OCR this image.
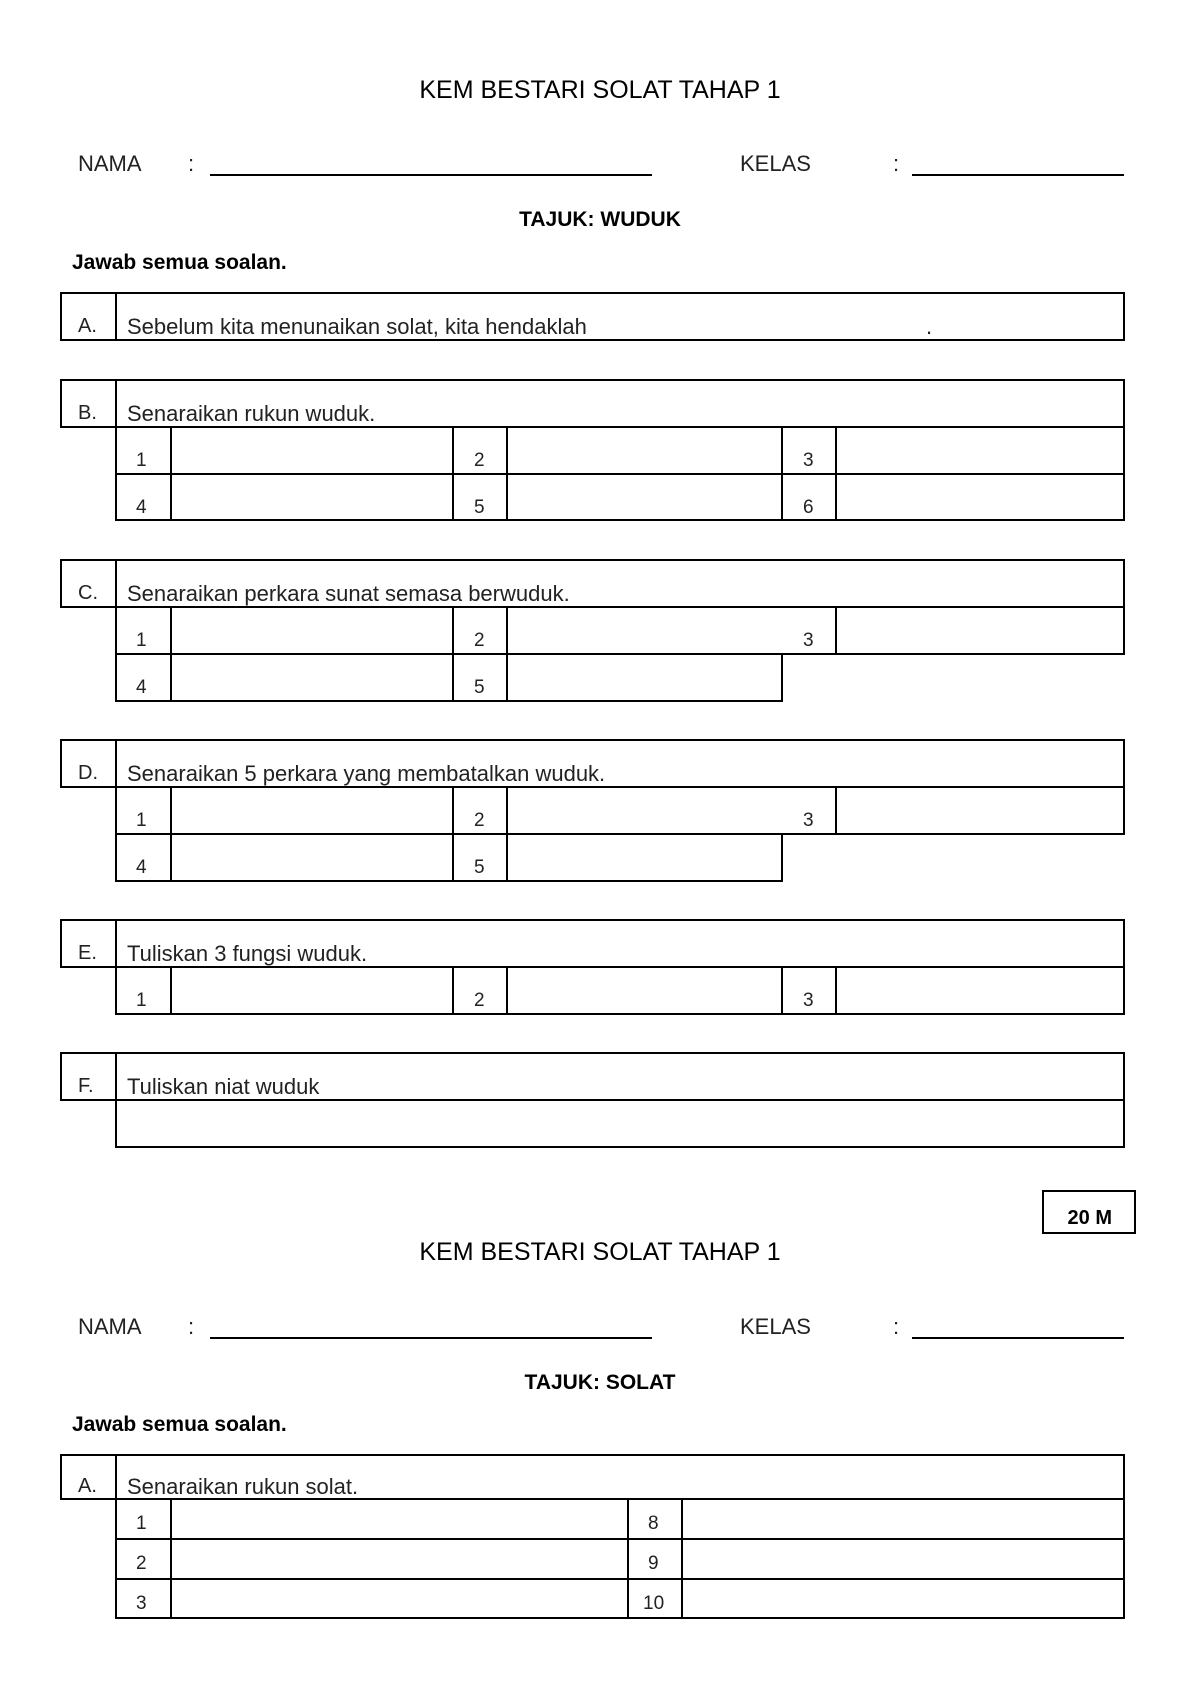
KEM BESTARI SOLAT TAHAP 1
NAMA :	KELAS	:
TAJUK: WUDUK
Jawab semua soalan.
A. Sebelum kita menunaikan solat, kita hendaklah	.
B. Senaraikan rukun wuduk.
1	2	3
4	5	6
C. Senaraikan perkara sunat semasa berwuduk.
1	2	3
4	5
D. Senaraikan 5 perkara yang membatalkan wuduk.
1	2	3
4	5
E. Tuliskan 3 fungsi wuduk.
1	2	3
F. Tuliskan niat wuduk
20 M
KEM BESTARI SOLAT TAHAP 1
NAMA :	KELAS	:
TAJUK: SOLAT
Jawab semua soalan.
A. Senaraikan rukun solat.
1	8
2	9
3	10
